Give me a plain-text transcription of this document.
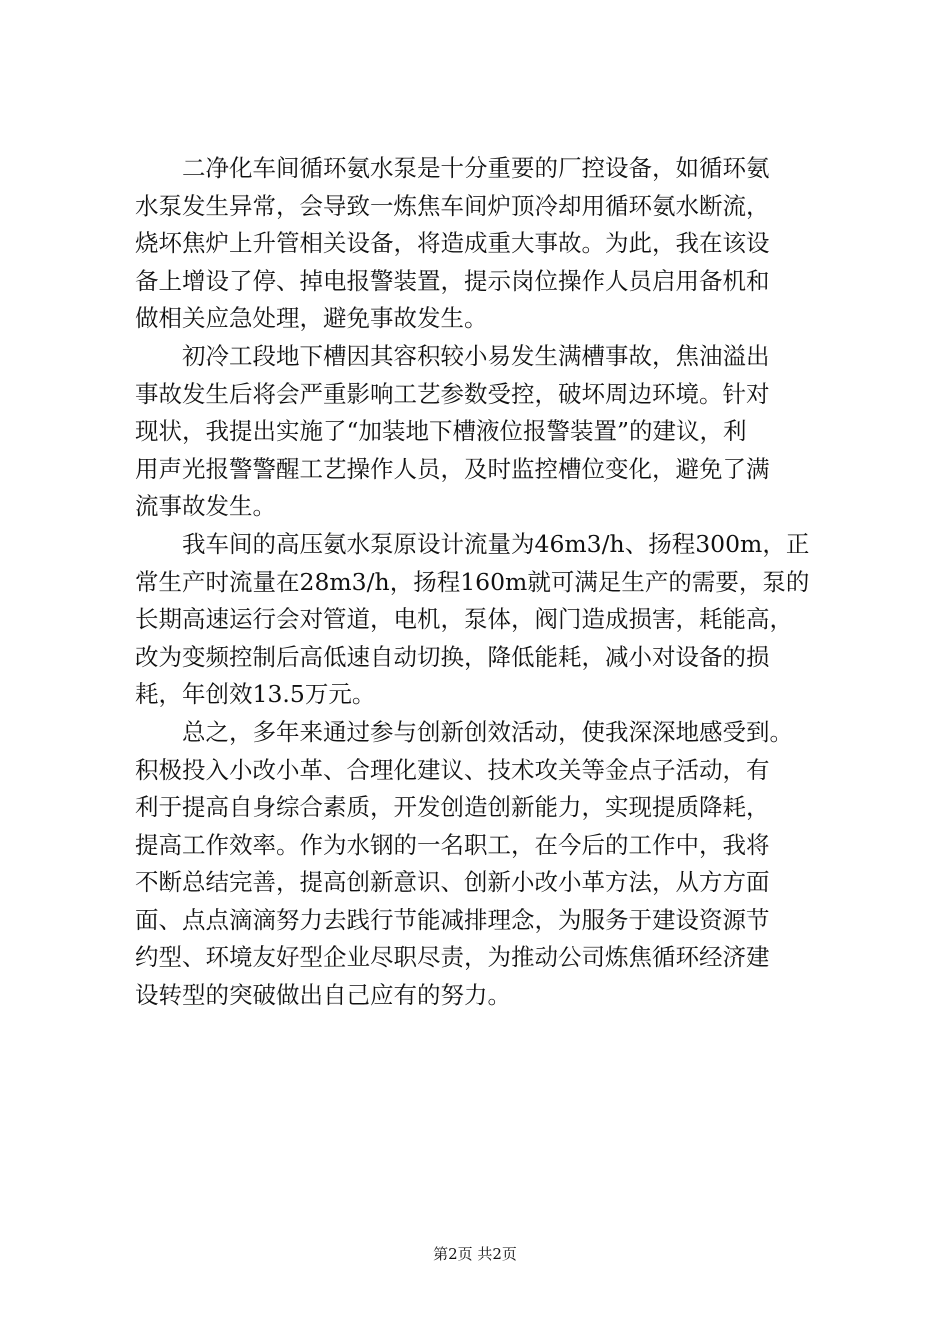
　　二净化车间循环氨水泵是十分重要的厂控设备，如循环氨
水泵发生异常，会导致一炼焦车间炉顶冷却用循环氨水断流，
烧坏焦炉上升管相关设备，将造成重大事故。为此，我在该设
备上增设了停、掉电报警装置，提示岗位操作人员启用备机和
做相关应急处理，避免事故发生。
　　初冷工段地下槽因其容积较小易发生满槽事故，焦油溢出
事故发生后将会严重影响工艺参数受控，破坏周边环境。针对
现状，我提出实施了“加装地下槽液位报警装置”的建议，利
用声光报警警醒工艺操作人员，及时监控槽位变化，避免了满
流事故发生。
　　我车间的高压氨水泵原设计流量为46m3/h、扬程300m，正
常生产时流量在28m3/h，扬程160m就可满足生产的需要，泵的
长期高速运行会对管道，电机，泵体，阀门造成损害，耗能高，
改为变频控制后高低速自动切换，降低能耗，减小对设备的损
耗，年创效13.5万元。
　　总之，多年来通过参与创新创效活动，使我深深地感受到。
积极投入小改小革、合理化建议、技术攻关等金点子活动，有
利于提高自身综合素质，开发创造创新能力，实现提质降耗，
提高工作效率。作为水钢的一名职工，在今后的工作中，我将
不断总结完善，提高创新意识、创新小改小革方法，从方方面
面、点点滴滴努力去践行节能减排理念，为服务于建设资源节
约型、环境友好型企业尽职尽责，为推动公司炼焦循环经济建
设转型的突破做出自己应有的努力。
第2页 共2页
